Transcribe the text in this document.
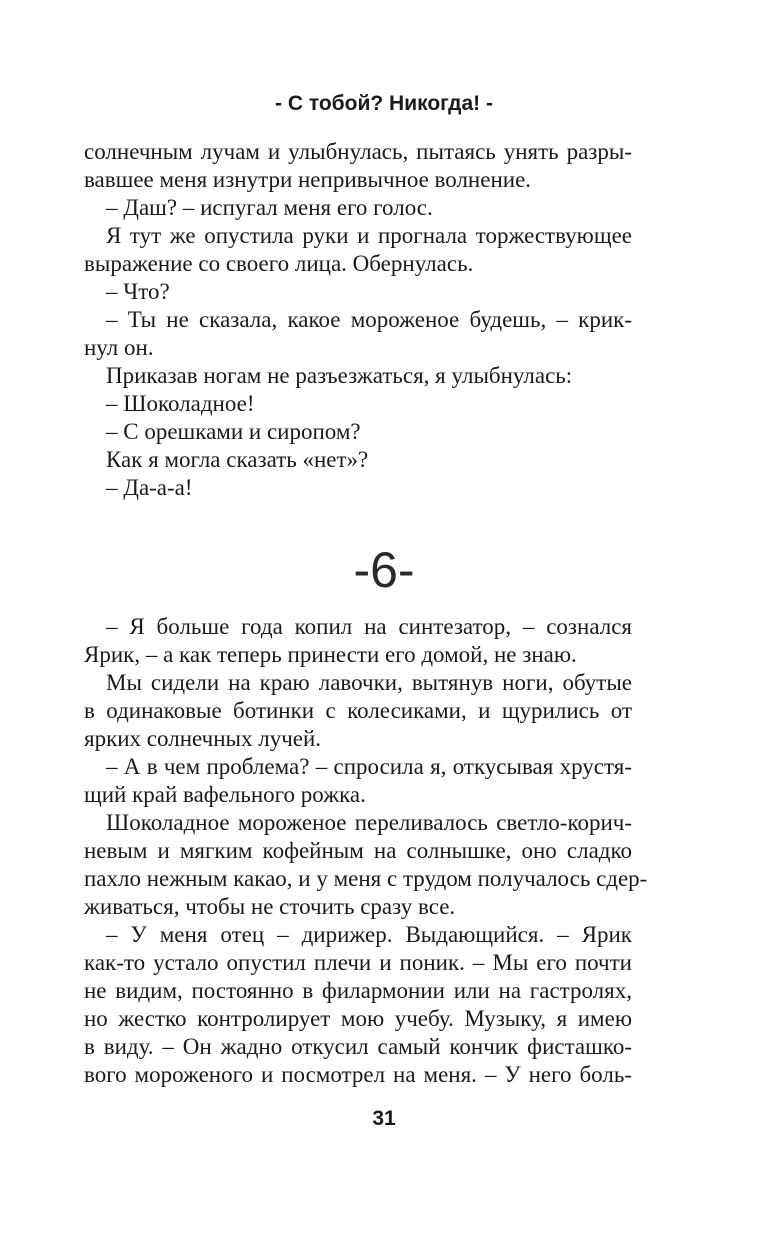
- С тобой? Никогда! -
солнечным лучам и улыбнулась, пытаясь унять разры-
вавшее меня изнутри непривычное волнение.
– Даш? – испугал меня его голос.
Я тут же опустила руки и прогнала торжествующее
выражение со своего лица. Обернулась.
– Что?
– Ты не сказала, какое мороженое будешь, – крик-
нул он.
Приказав ногам не разъезжаться, я улыбнулась:
– Шоколадное!
– С орешками и сиропом?
Как я могла сказать «нет»?
– Да-а-а!
-6-
– Я больше года копил на синтезатор, – сознался
Ярик, – а как теперь принести его домой, не знаю.
Мы сидели на краю лавочки, вытянув ноги, обутые
в одинаковые ботинки с колесиками, и щурились от
ярких солнечных лучей.
– А в чем проблема? – спросила я, откусывая хрустя-
щий край вафельного рожка.
Шоколадное мороженое переливалось светло-корич-
невым и мягким кофейным на солнышке, оно сладко
пахло нежным какао, и у меня с трудом получалось сдер-
живаться, чтобы не сточить сразу все.
– У меня отец – дирижер. Выдающийся. – Ярик
как-то устало опустил плечи и поник. – Мы его почти
не видим, постоянно в филармонии или на гастролях,
но жестко контролирует мою учебу. Музыку, я имею
в виду. – Он жадно откусил самый кончик фисташко-
вого мороженого и посмотрел на меня. – У него боль-
31
